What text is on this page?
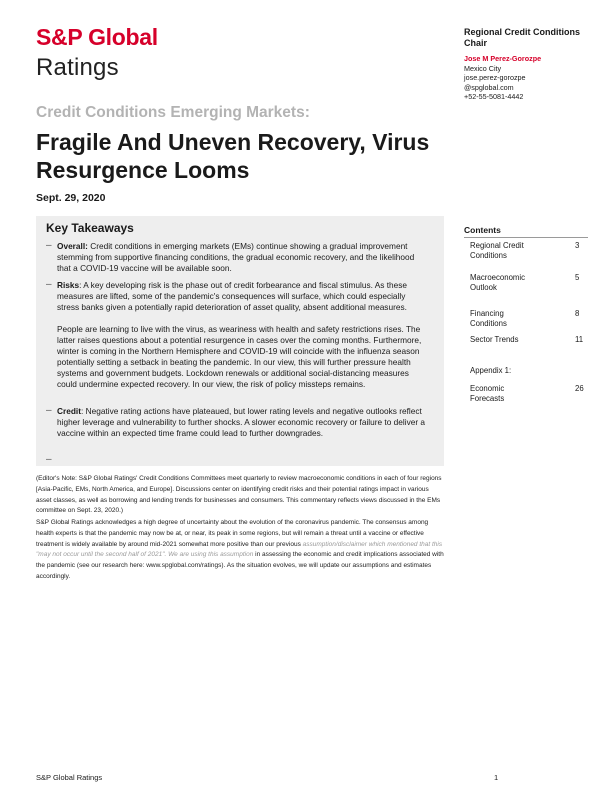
S&P Global
Ratings
Credit Conditions Emerging Markets:
Fragile And Uneven Recovery, Virus Resurgence Looms
Sept. 29, 2020
Regional Credit Conditions Chair
Jose M Perez-Gorozpe
Mexico City
jose.perez-gorozpe
@spglobal.com
+52-55-5081-4442
Key Takeaways
– Overall: Credit conditions in emerging markets (EMs) continue showing a gradual improvement stemming from supportive financing conditions, the gradual economic recovery, and the likelihood that a COVID-19 vaccine will be available soon.
– Risks: A key developing risk is the phase out of credit forbearance and fiscal stimulus. As these measures are lifted, some of the pandemic's consequences will surface, which could especially stress banks given a potentially rapid deterioration of asset quality, absent additional measures.
People are learning to live with the virus, as weariness with health and safety restrictions rises. The latter raises questions about a potential resurgence in cases over the coming months. Furthermore, winter is coming in the Northern Hemisphere and COVID-19 will coincide with the influenza season potentially setting a setback in beating the pandemic. In our view, this will further pressure health systems and government budgets. Lockdown renewals or additional social-distancing measures could undermine expected recovery. In our view, the risk of policy missteps remains.
– Credit: Negative rating actions have plateaued, but lower rating levels and negative outlooks reflect higher leverage and vulnerability to further shocks. A slower economic recovery or failure to deliver a vaccine within an expected time frame could lead to further downgrades.
–
Contents
Regional Credit Conditions
3
Macroeconomic Outlook
5
Financing Conditions
8
Sector Trends	11
Appendix 1:
Economic Forecasts
26
(Editor's Note: S&P Global Ratings' Credit Conditions Committees meet quarterly to review macroeconomic conditions in each of four regions [Asia-Pacific, EMs, North America, and Europe]. Discussions center on identifying credit risks and their potential ratings impact in various asset classes, as well as borrowing and lending trends for businesses and consumers. This commentary reflects views discussed in the EMs committee on Sept. 23, 2020.)
S&P Global Ratings acknowledges a high degree of uncertainty about the evolution of the coronavirus pandemic. The consensus among health experts is that the pandemic may now be at, or near, its peak in some regions, but will remain a threat until a vaccine or effective treatment is widely available by around mid-2021 somewhat more positive than our previous assumption/disclaimer which mentioned that this "may not occur until the second half of 2021". We are using this assumption in assessing the economic and credit implications associated with the pandemic (see our research here: www.spglobal.com/ratings). As the situation evolves, we will update our assumptions and estimates accordingly.
S&P Global Ratings	1
